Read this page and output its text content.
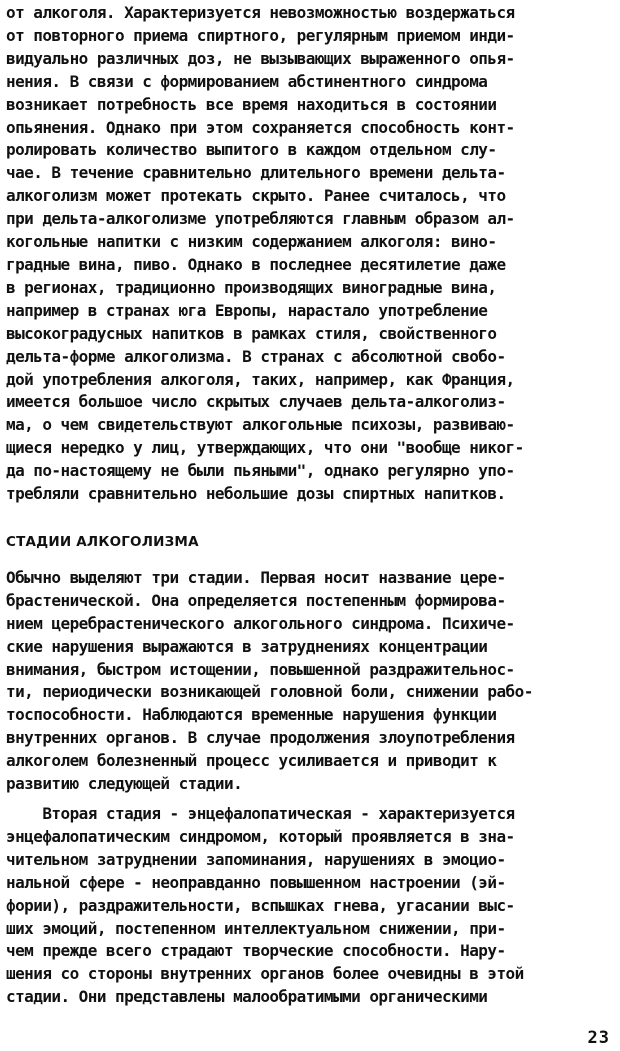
от алкоголя. Характеризуется невозможностью воздержаться
от повторного приема спиртного, регулярным приемом инди-
видуально различных доз, не вызывающих выраженного опья-
нения. В связи с формированием абстинентного синдрома
возникает потребность все время находиться в состоянии
опьянения. Однако при этом сохраняется способность конт-
ролировать количество выпитого в каждом отдельном слу-
чае. В течение сравнительно длительного времени дельта-
алкоголизм может протекать скрыто. Ранее считалось, что
при дельта-алкоголизме употребляются главным образом ал-
когольные напитки с низким содержанием алкоголя: вино-
градные вина, пиво. Однако в последнее десятилетие даже
в регионах, традиционно производящих виноградные вина,
например в странах юга Европы, нарастало употребление
высокоградусных напитков в рамках стиля, свойственного
дельта-форме алкоголизма. В странах с абсолютной свобо-
дой употребления алкоголя, таких, например, как Франция,
имеется большое число скрытых случаев дельта-алкоголиз-
ма, о чем свидетельствуют алкогольные психозы, развиваю-
щиеся нередко у лиц, утверждающих, что они "вообще никог-
да по-настоящему не были пьяными", однако регулярно упо-
требляли сравнительно небольшие дозы спиртных напитков.
СТАДИИ АЛКОГОЛИЗМА
Обычно выделяют три стадии. Первая носит название цере-
брастенической. Она определяется постепенным формирова-
нием церебрастенического алкогольного синдрома. Психиче-
ские нарушения выражаются в затруднениях концентрации
внимания, быстром истощении, повышенной раздражительнос-
ти, периодически возникающей головной боли, снижении рабо-
тоспособности. Наблюдаются временные нарушения функции
внутренних органов. В случае продолжения злоупотребления
алкоголем болезненный процесс усиливается и приводит к
развитию следующей стадии.
Вторая стадия - энцефалопатическая - характеризуется
энцефалопатическим синдромом, который проявляется в зна-
чительном затруднении запоминания, нарушениях в эмоцио-
нальной сфере - неоправданно повышенном настроении (эй-
фории), раздражительности, вспышках гнева, угасании выс-
ших эмоций, постепенном интеллектуальном снижении, при-
чем прежде всего страдают творческие способности. Нару-
шения со стороны внутренних органов более очевидны в этой
стадии. Они представлены малообратимыми органическими
23
